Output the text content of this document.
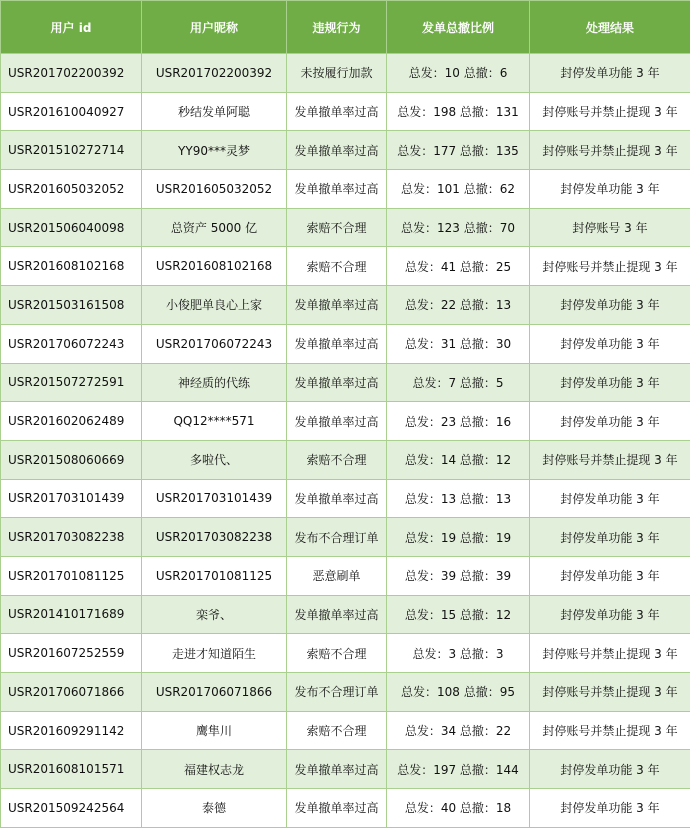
用户 id	用户昵称	违规行为	发单总撤比例	处理结果
USR201702200392	USR201702200392	未按履行加款	总发：10 总撤：6	封停发单功能 3 年
USR201610040927	秒结发单阿聪	发单撤单率过高	总发：198 总撤：131	封停账号并禁止提现 3 年
USR201510272714	YY90***灵梦	发单撤单率过高	总发：177 总撤：135	封停账号并禁止提现 3 年
USR201605032052	USR201605032052	发单撤单率过高	总发：101 总撤：62	封停发单功能 3 年
USR201506040098	总资产 5000 亿	索赔不合理	总发：123 总撤：70	封停账号 3 年
USR201608102168	USR201608102168	索赔不合理	总发：41 总撤：25	封停账号并禁止提现 3 年
USR201503161508	小俊肥单良心上家	发单撤单率过高	总发：22 总撤：13	封停发单功能 3 年
USR201706072243	USR201706072243	发单撤单率过高	总发：31 总撤：30	封停发单功能 3 年
USR201507272591	神经质的代练	发单撤单率过高	总发：7 总撤：5	封停发单功能 3 年
USR201602062489	QQ12****571	发单撤单率过高	总发：23 总撤：16	封停发单功能 3 年
USR201508060669	多啦代、	索赔不合理	总发：14 总撤：12	封停账号并禁止提现 3 年
USR201703101439	USR201703101439	发单撤单率过高	总发：13 总撤：13	封停发单功能 3 年
USR201703082238	USR201703082238	发布不合理订单	总发：19 总撤：19	封停发单功能 3 年
USR201701081125	USR201701081125	恶意刷单	总发：39 总撤：39	封停发单功能 3 年
USR201410171689	栾爷、	发单撤单率过高	总发：15 总撤：12	封停发单功能 3 年
USR201607252559	走进才知道陌生	索赔不合理	总发：3 总撤：3	封停账号并禁止提现 3 年
USR201706071866	USR201706071866	发布不合理订单	总发：108 总撤：95	封停账号并禁止提现 3 年
USR201609291142	鹰隼川	索赔不合理	总发：34 总撤：22	封停账号并禁止提现 3 年
USR201608101571	福建权志龙	发单撤单率过高	总发：197 总撤：144	封停发单功能 3 年
USR201509242564	泰德	发单撤单率过高	总发：40 总撤：18	封停发单功能 3 年
